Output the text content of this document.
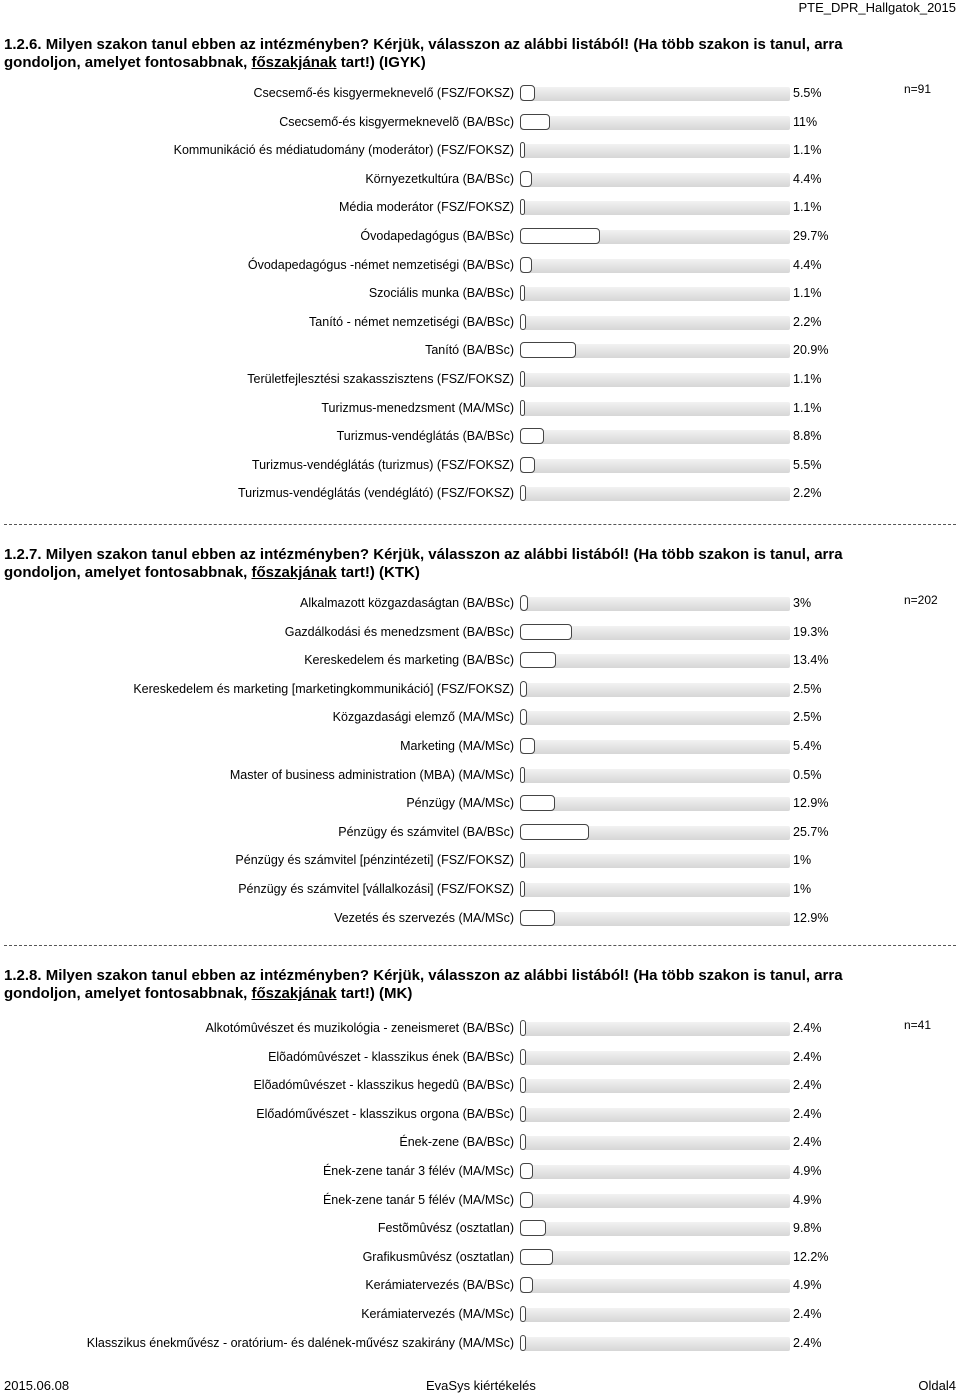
PTE_DPR_Hallgatok_2015
1.2.6. Milyen szakon tanul ebben az intézményben? Kérjük, válasszon az alábbi listából! (Ha több szakon is tanul, arra gondoljon, amelyet fontosabbnak, főszakjának tart!) (IGYK)
n=91
Csecsemő-és kisgyermeknevelő (FSZ/FOKSZ)	5.5%
Csecsemő-és kisgyermeknevelõ (BA/BSc)	11%
Kommunikáció és médiatudomány (moderátor) (FSZ/FOKSZ)	1.1%
Környezetkultúra (BA/BSc)	4.4%
Média moderátor (FSZ/FOKSZ)	1.1%
Óvodapedagógus (BA/BSc)	29.7%
Óvodapedagógus -német nemzetiségi (BA/BSc)	4.4%
Szociális munka (BA/BSc)	1.1%
Tanító - német nemzetiségi (BA/BSc)	2.2%
Tanító (BA/BSc)	20.9%
Területfejlesztési szakasszisztens (FSZ/FOKSZ)	1.1%
Turizmus-menedzsment (MA/MSc)	1.1%
Turizmus-vendéglátás (BA/BSc)	8.8%
Turizmus-vendéglátás (turizmus) (FSZ/FOKSZ)	5.5%
Turizmus-vendéglátás (vendéglátó) (FSZ/FOKSZ)	2.2%
1.2.7. Milyen szakon tanul ebben az intézményben? Kérjük, válasszon az alábbi listából! (Ha több szakon is tanul, arra gondoljon, amelyet fontosabbnak, főszakjának tart!) (KTK)
n=202
Alkalmazott közgazdaságtan (BA/BSc)	3%
Gazdálkodási és menedzsment (BA/BSc)	19.3%
Kereskedelem és marketing (BA/BSc)	13.4%
Kereskedelem és marketing [marketingkommunikáció] (FSZ/FOKSZ)	2.5%
Közgazdasági elemző (MA/MSc)	2.5%
Marketing (MA/MSc)	5.4%
Master of business administration (MBA) (MA/MSc)	0.5%
Pénzügy (MA/MSc)	12.9%
Pénzügy és számvitel (BA/BSc)	25.7%
Pénzügy és számvitel [pénzintézeti] (FSZ/FOKSZ)	1%
Pénzügy és számvitel [vállalkozási] (FSZ/FOKSZ)	1%
Vezetés és szervezés (MA/MSc)	12.9%
1.2.8. Milyen szakon tanul ebben az intézményben? Kérjük, válasszon az alábbi listából! (Ha több szakon is tanul, arra gondoljon, amelyet fontosabbnak, főszakjának tart!) (MK)
n=41
Alkotómûvészet és muzikológia - zeneismeret (BA/BSc)	2.4%
Elõadómûvészet - klasszikus ének (BA/BSc)	2.4%
Elõadómûvészet - klasszikus hegedû (BA/BSc)	2.4%
Előadóművészet - klasszikus orgona (BA/BSc)	2.4%
Ének-zene (BA/BSc)	2.4%
Ének-zene tanár 3 félév (MA/MSc)	4.9%
Ének-zene tanár 5 félév (MA/MSc)	4.9%
Festõmûvész (osztatlan)	9.8%
Grafikusmûvész (osztatlan)	12.2%
Kerámiatervezés (BA/BSc)	4.9%
Kerámiatervezés (MA/MSc)	2.4%
Klasszikus énekművész - oratórium- és dalének-művész szakirány (MA/MSc)	2.4%
2015.06.08	EvaSys kiértékelés	Oldal4
